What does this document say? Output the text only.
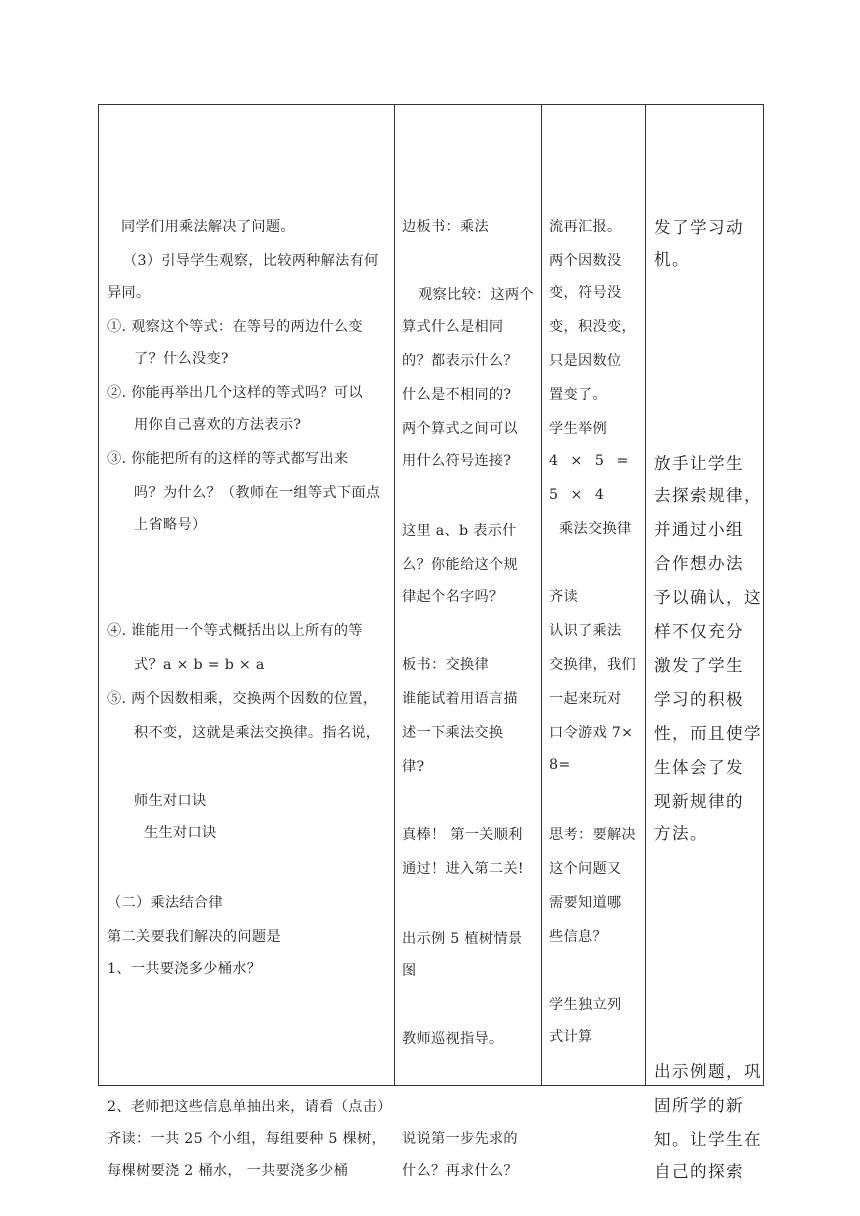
同学们用乘法解决了问题。
（3）引导学生观察，比较两种解法有何
异同。
①. 观察这个等式：在等号的两边什么变
了？什么没变?
②. 你能再举出几个这样的等式吗？可以
用你自己喜欢的方法表示?
③. 你能把所有的这样的等式都写出来
吗？为什么？（教师在一组等式下面点
上省略号）
④. 谁能用一个等式概括出以上所有的等
式？a × b = b × a
⑤. 两个因数相乘，交换两个因数的位置，
积不变，这就是乘法交换律。指名说，
师生对口诀
生生对口诀
（二）乘法结合律
第二关要我们解决的问题是
1、一共要浇多少桶水？
2、老师把这些信息单抽出来，请看（点击）
齐读：一共 25 个小组，每组要种 5 棵树，
每棵树要浇 2 桶水， 一共要浇多少桶
边板书：乘法
观察比较：这两个
算式什么是相同
的？都表示什么？
什么是不相同的?
两个算式之间可以
用什么符号连接?
这里 a、b 表示什
么？你能给这个规
律起个名字吗？
板书：交换律
谁能试着用语言描
述一下乘法交换
律?
真棒！ 第一关顺利
通过！进入第二关!
出示例 5 植树情景
图
教师巡视指导。
说说第一步先求的
什么？再求什么？
流再汇报。
两个因数没
变，符号没
变，积没变，
只是因数位
置变了。
学生举例
4 × 5 =
5 × 4
乘法交换律
齐读
认识了乘法
交换律，我们
一起来玩对
口令游戏 7×
8=
思考：要解决
这个问题又
需要知道哪
些信息？
学生独立列
式计算
发了学习动
机。
放手让学生
去探索规律，
并通过小组
合作想办法
予以确认，这
样不仅充分
激发了学生
学习的积极
性，而且使学
生体会了发
现新规律的
方法。
出示例题，巩
固所学的新
知。让学生在
自己的探索
